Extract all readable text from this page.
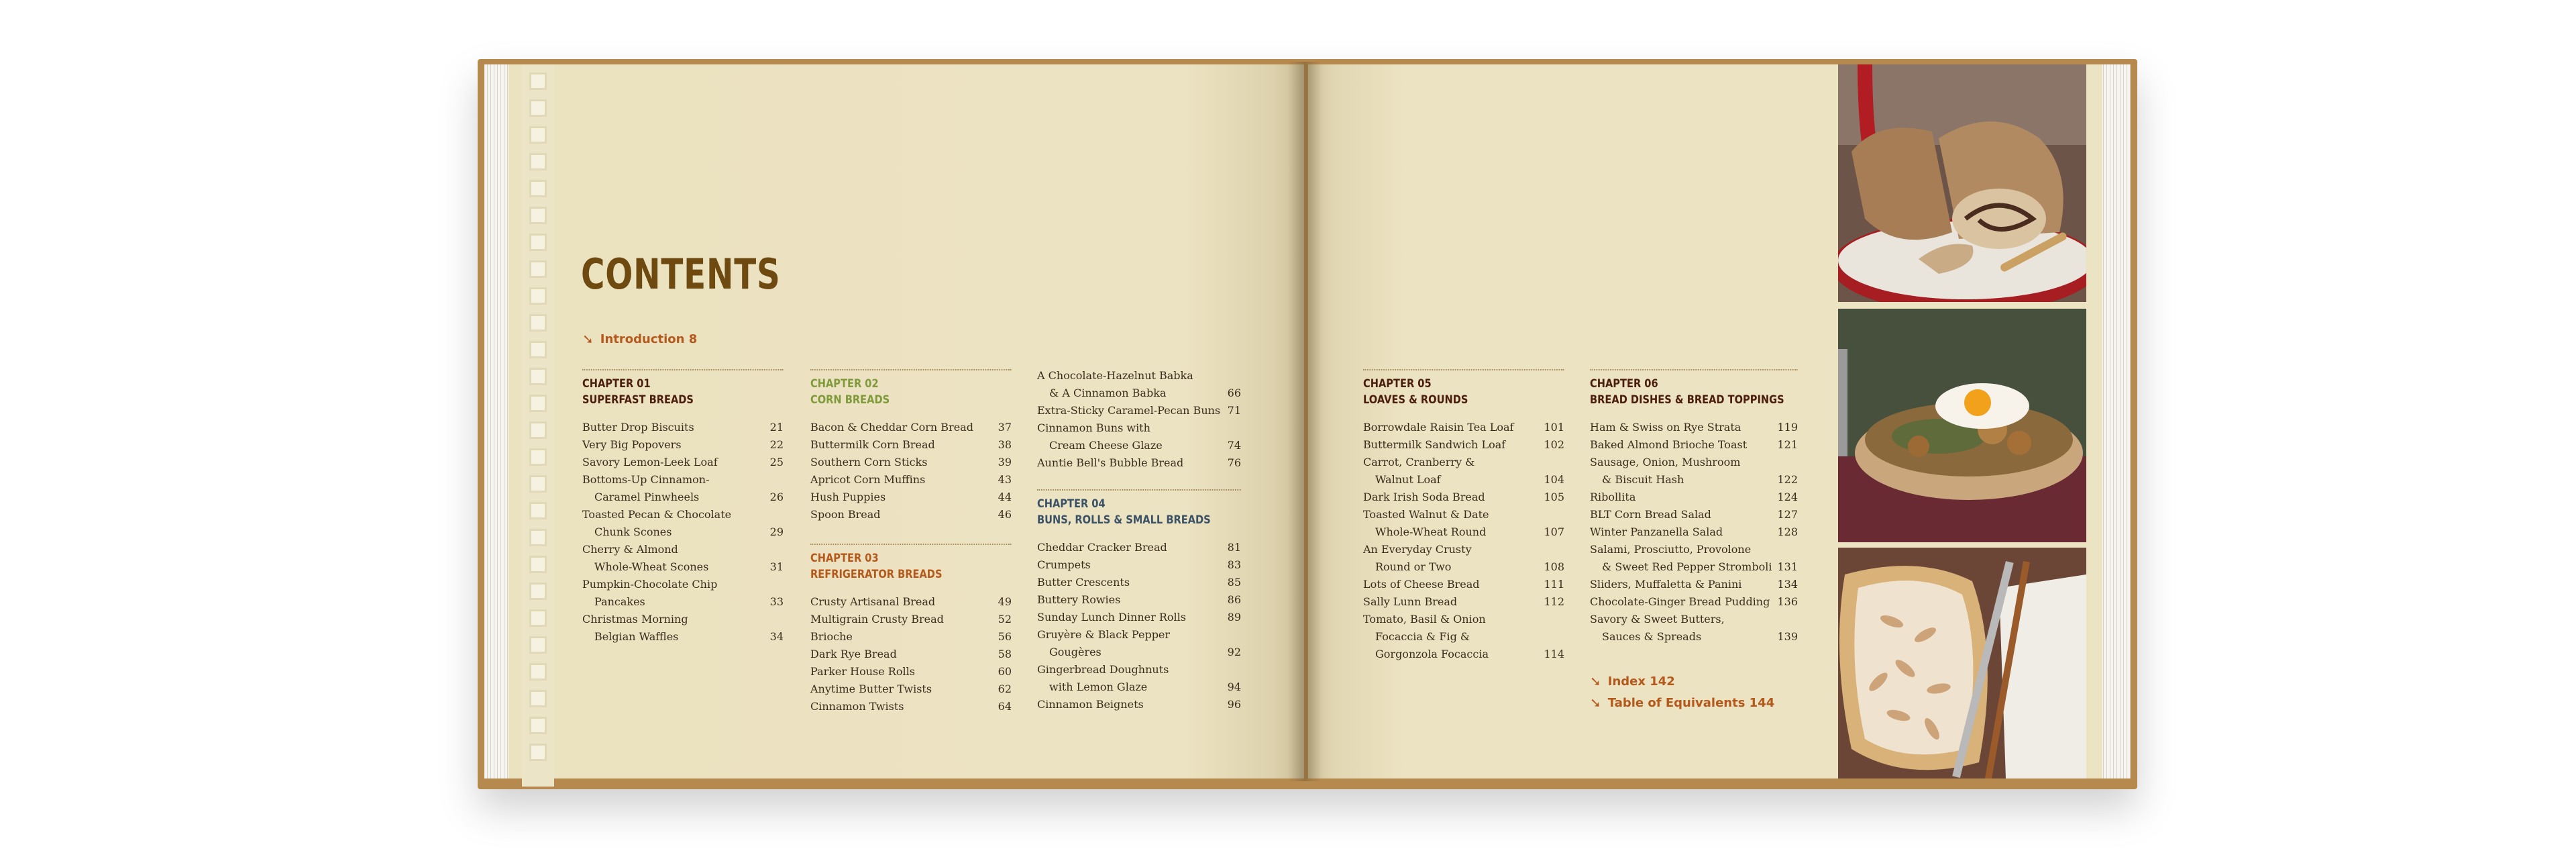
CONTENTS
➘ Introduction 8
CHAPTER 01
SUPERFAST BREADS
Butter Drop Biscuits	21
Very Big Popovers	22
Savory Lemon-Leek Loaf	25
Bottoms-Up Cinnamon-
Caramel Pinwheels	26
Toasted Pecan & Chocolate
Chunk Scones	29
Cherry & Almond
Whole-Wheat Scones	31
Pumpkin-Chocolate Chip
Pancakes	33
Christmas Morning
Belgian Waffles	34
CHAPTER 02
CORN BREADS
Bacon & Cheddar Corn Bread 37
Buttermilk Corn Bread	38
Southern Corn Sticks	39
Apricot Corn Muffins	43
Hush Puppies	44
Spoon Bread	46
CHAPTER 03
REFRIGERATOR BREADS
Crusty Artisanal Bread	49
Multigrain Crusty Bread	52
Brioche	56
Dark Rye Bread	58
Parker House Rolls	60
Anytime Butter Twists	62
Cinnamon Twists	64
A Chocolate-Hazelnut Babka
& A Cinnamon Babka	66
Extra-Sticky Caramel-Pecan Buns 71
Cinnamon Buns with
Cream Cheese Glaze	74
Auntie Bell's Bubble Bread	76
CHAPTER 04
BUNS, ROLLS & SMALL BREADS
Cheddar Cracker Bread	81
Crumpets	83
Butter Crescents	85
Buttery Rowies	86
Sunday Lunch Dinner Rolls	89
Gruyère & Black Pepper
Gougères	92
Gingerbread Doughnuts
with Lemon Glaze	94
Cinnamon Beignets	96
CHAPTER 05
LOAVES & ROUNDS
Borrowdale Raisin Tea Loaf	101
Buttermilk Sandwich Loaf	102
Carrot, Cranberry &
Walnut Loaf	104
Dark Irish Soda Bread	105
Toasted Walnut & Date
Whole-Wheat Round	107
An Everyday Crusty
Round or Two	108
Lots of Cheese Bread	111
Sally Lunn Bread	112
Tomato, Basil & Onion
Focaccia & Fig &
Gorgonzola Focaccia	114
CHAPTER 06
BREAD DISHES & BREAD TOPPINGS
Ham & Swiss on Rye Strata	119
Baked Almond Brioche Toast	121
Sausage, Onion, Mushroom
& Biscuit Hash	122
Ribollita	124
BLT Corn Bread Salad	127
Winter Panzanella Salad	128
Salami, Prosciutto, Provolone
& Sweet Red Pepper Stromboli 131
Sliders, Muffaletta & Panini	134
Chocolate-Ginger Bread Pudding 136
Savory & Sweet Butters,
Sauces & Spreads	139
➘ Index 142
➘ Table of Equivalents 144
